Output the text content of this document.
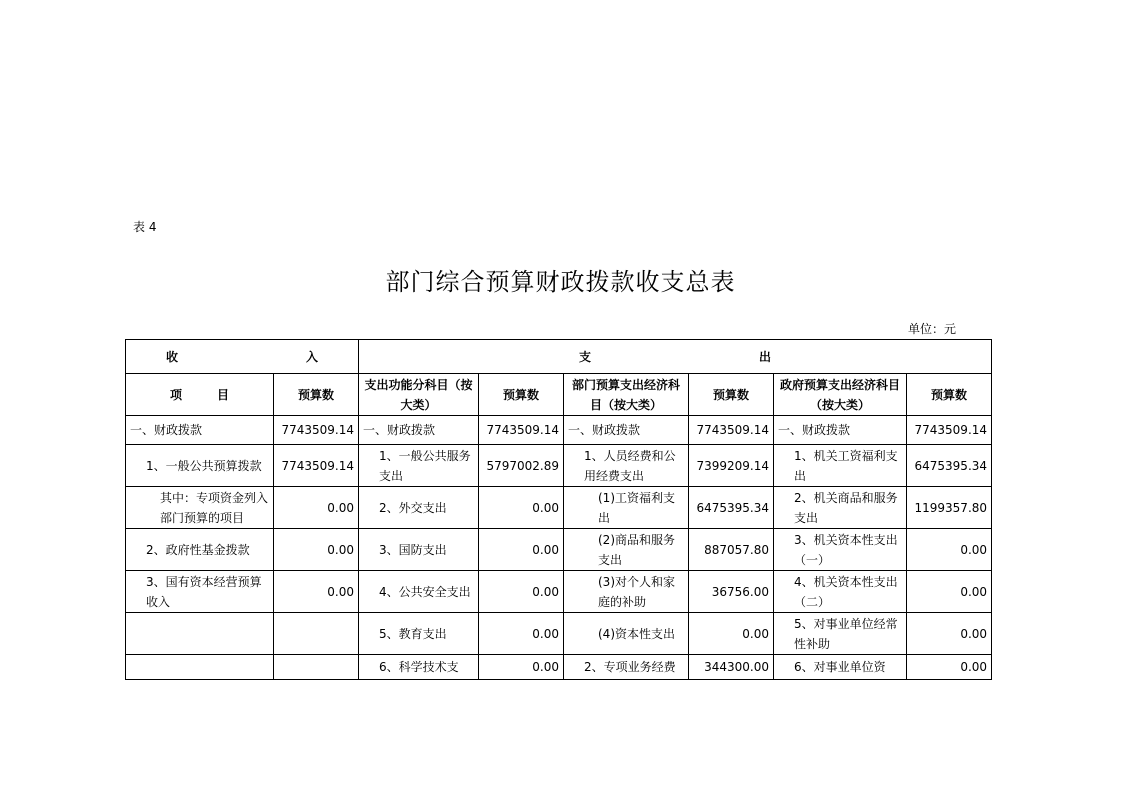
表 4
部门综合预算财政拨款收支总表
单位：元
收 入		支 出					

项 目	预算数	支出功能分科目（按大类）	预算数	部门预算支出经济科目（按大类）	预算数	政府预算支出经济科目（按大类）	预算数
一、财政拨款	7743509.14	一、财政拨款	7743509.14	一、财政拨款	7743509.14	一、财政拨款	7743509.14
1、一般公共预算拨款	7743509.14	1、一般公共服务支出	5797002.89	1、人员经费和公用经费支出	7399209.14	1、机关工资福利支出	6475395.34
其中：专项资金列入部门预算的项目	0.00	2、外交支出	0.00	(1)工资福利支出	6475395.34	2、机关商品和服务支出	1199357.80
2、政府性基金拨款	0.00	3、国防支出	0.00	(2)商品和服务支出	887057.80	3、机关资本性支出（一）	0.00
3、国有资本经营预算收入	0.00	4、公共安全支出	0.00	(3)对个人和家庭的补助	36756.00	4、机关资本性支出（二）	0.00
		5、教育支出	0.00	(4)资本性支出	0.00	5、对事业单位经常性补助	0.00
		6、科学技术支	0.00	2、专项业务经费	344300.00	6、对事业单位资	0.00
